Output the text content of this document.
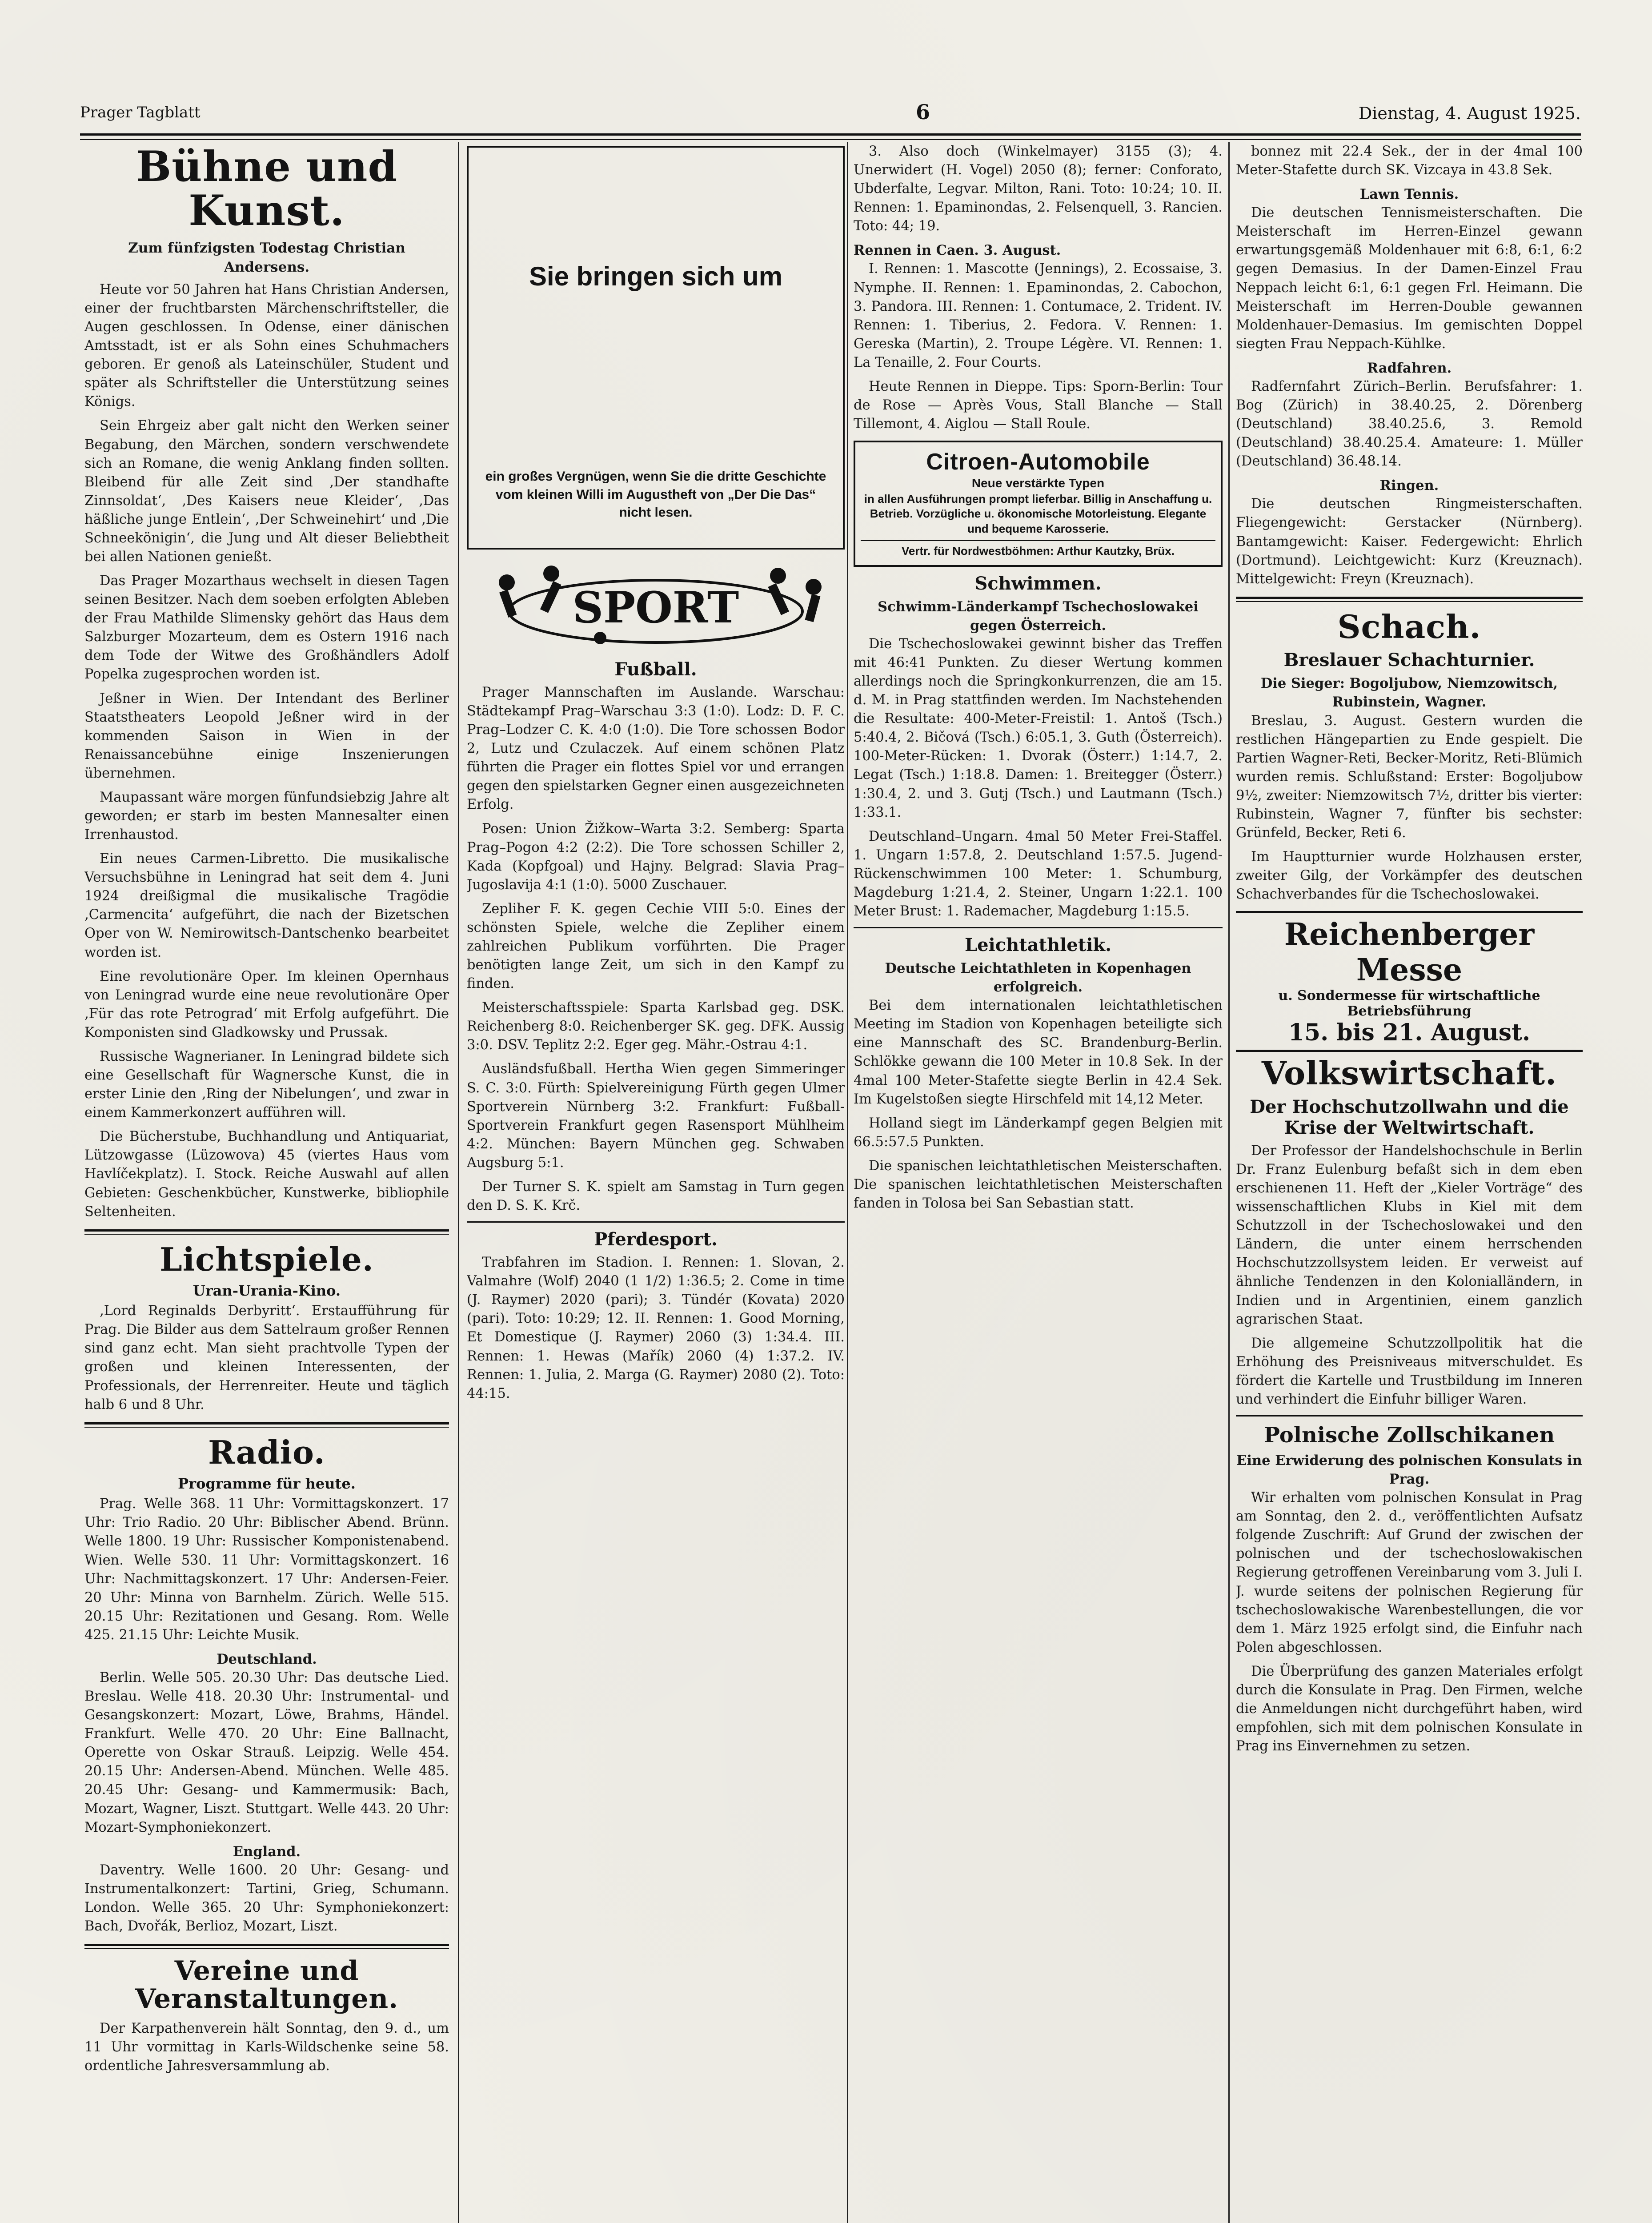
Prager Tagblatt	6	Dienstag, 4. August 1925.
Bühne und Kunst.
Zum fünfzigsten Todestag Christian Andersens.

Heute vor 50 Jahren hat Hans Christian Andersen, einer der fruchtbarsten Märchenschriftsteller, die Augen geschlossen. In Odense, einer dänischen Amtsstadt, ist er als Sohn eines Schuhmachers geboren. Er genoß als Lateinschüler, Student und später als Schriftsteller die Unterstützung seines Königs.

Sein Ehrgeiz aber galt nicht den Werken seiner Begabung, den Märchen, sondern verschwendete sich an Romane, die wenig Anklang finden sollten. Bleibend für alle Zeit sind ‚Der standhafte Zinnsoldat‘, ‚Des Kaisers neue Kleider‘, ‚Das häßliche junge Entlein‘, ‚Der Schweinehirt‘ und ‚Die Schneekönigin‘, die Jung und Alt dieser Beliebtheit bei allen Nationen genießt.

Das Prager Mozarthaus wechselt in diesen Tagen seinen Besitzer. Nach dem soeben erfolgten Ableben der Frau Mathilde Slimensky gehört das Haus dem Salzburger Mozarteum, dem es Ostern 1916 nach dem Tode der Witwe des Großhändlers Adolf Popelka zugesprochen worden ist.

Jeßner in Wien. Der Intendant des Berliner Staatstheaters Leopold Jeßner wird in der kommenden Saison in Wien in der Renaissancebühne einige Inszenierungen übernehmen.

Maupassant wäre morgen fünfundsiebzig Jahre alt geworden; er starb im besten Mannesalter einen Irrenhaustod.

Ein neues Carmen-Libretto. Die musikalische Versuchsbühne in Leningrad hat seit dem 4. Juni 1924 dreißigmal die musikalische Tragödie ‚Carmencita‘ aufgeführt, die nach der Bizetschen Oper von W. Nemirowitsch-Dantschenko bearbeitet worden ist.

Eine revolutionäre Oper. Im kleinen Opernhaus von Leningrad wurde eine neue revolutionäre Oper ‚Für das rote Petrograd‘ mit Erfolg aufgeführt. Die Komponisten sind Gladkowsky und Prussak.

Russische Wagnerianer. In Leningrad bildete sich eine Gesellschaft für Wagnersche Kunst, die in erster Linie den ‚Ring der Nibelungen‘, und zwar in einem Kammerkonzert aufführen will.

Die Bücherstube, Buchhandlung und Antiquariat, Lützowgasse (Lüzowova) 45 (viertes Haus vom Havlíčekplatz). I. Stock. Reiche Auswahl auf allen Gebieten: Geschenkbücher, Kunstwerke, bibliophile Seltenheiten.

Lichtspiele.
Uran-Urania-Kino.

‚Lord Reginalds Derbyritt‘. Erstaufführung für Prag. Die Bilder aus dem Sattelraum großer Rennen sind ganz echt. Man sieht prachtvolle Typen der großen und kleinen Interessenten, der Professionals, der Herrenreiter. Heute und täglich halb 6 und 8 Uhr.

Radio.
Programme für heute.

Prag. Welle 368. 11 Uhr: Vormittagskonzert. 17 Uhr: Trio Radio. 20 Uhr: Biblischer Abend. Brünn. Welle 1800. 19 Uhr: Russischer Komponistenabend. Wien. Welle 530. 11 Uhr: Vormittagskonzert. 16 Uhr: Nachmittagskonzert. 17 Uhr: Andersen-Feier. 20 Uhr: Minna von Barnhelm. Zürich. Welle 515. 20.15 Uhr: Rezitationen und Gesang. Rom. Welle 425. 21.15 Uhr: Leichte Musik.

Deutschland.

Berlin. Welle 505. 20.30 Uhr: Das deutsche Lied. Breslau. Welle 418. 20.30 Uhr: Instrumental- und Gesangskonzert: Mozart, Löwe, Brahms, Händel. Frankfurt. Welle 470. 20 Uhr: Eine Ballnacht, Operette von Oskar Strauß. Leipzig. Welle 454. 20.15 Uhr: Andersen-Abend. München. Welle 485. 20.45 Uhr: Gesang- und Kammermusik: Bach, Mozart, Wagner, Liszt. Stuttgart. Welle 443. 20 Uhr: Mozart-Symphoniekonzert.

England.

Daventry. Welle 1600. 20 Uhr: Gesang- und Instrumentalkonzert: Tartini, Grieg, Schumann. London. Welle 365. 20 Uhr: Symphoniekonzert: Bach, Dvořák, Berlioz, Mozart, Liszt.

Vereine und Veranstaltungen.

Der Karpathenverein hält Sonntag, den 9. d., um 11 Uhr vormittag in Karls-Wildschenke seine 58. ordentliche Jahresversammlung ab.

Sie bringen sich um
ein großes Vergnügen, wenn Sie die dritte Geschichte vom kleinen Willi im Augustheft von „Der Die Das“ nicht lesen.
SPORT
Fußball.

Prager Mannschaften im Auslande. Warschau: Städtekampf Prag–Warschau 3:3 (1:0). Lodz: D. F. C. Prag–Lodzer C. K. 4:0 (1:0). Die Tore schossen Bodor 2, Lutz und Czulaczek. Auf einem schönen Platz führten die Prager ein flottes Spiel vor und errangen gegen den spielstarken Gegner einen ausgezeichneten Erfolg.

Posen: Union Žižkow–Warta 3:2. Semberg: Sparta Prag–Pogon 4:2 (2:2). Die Tore schossen Schiller 2, Kada (Kopfgoal) und Hajny. Belgrad: Slavia Prag–Jugoslavija 4:1 (1:0). 5000 Zuschauer.

Zepliher F. K. gegen Cechie VIII 5:0. Eines der schönsten Spiele, welche die Zepliher einem zahlreichen Publikum vorführten. Die Prager benötigten lange Zeit, um sich in den Kampf zu finden.

Meisterschaftsspiele: Sparta Karlsbad geg. DSK. Reichenberg 8:0. Reichenberger SK. geg. DFK. Aussig 3:0. DSV. Teplitz 2:2. Eger geg. Mähr.-Ostrau 4:1.

Ausländsfußball. Hertha Wien gegen Simmeringer S. C. 3:0. Fürth: Spielvereinigung Fürth gegen Ulmer Sportverein Nürnberg 3:2. Frankfurt: Fußball-Sportverein Frankfurt gegen Rasensport Mühlheim 4:2. München: Bayern München geg. Schwaben Augsburg 5:1.

Der Turner S. K. spielt am Samstag in Turn gegen den D. S. K. Krč.

Pferdesport.

Trabfahren im Stadion. I. Rennen: 1. Slovan, 2. Valmahre (Wolf) 2040 (1 1/2) 1:36.5; 2. Come in time (J. Raymer) 2020 (pari); 3. Tündér (Kovata) 2020 (pari). Toto: 10:29; 12. II. Rennen: 1. Good Morning, Et Domestique (J. Raymer) 2060 (3) 1:34.4. III. Rennen: 1. Hewas (Mařík) 2060 (4) 1:37.2. IV. Rennen: 1. Julia, 2. Marga (G. Raymer) 2080 (2). Toto: 44:15.

3. Also doch (Winkelmayer) 3155 (3); 4. Unerwidert (H. Vogel) 2050 (8); ferner: Conforato, Ubderfalte, Legvar. Milton, Rani. Toto: 10:24; 10. II. Rennen: 1. Epaminondas, 2. Felsenquell, 3. Rancien. Toto: 44; 19.

Rennen in Caen. 3. August.

I. Rennen: 1. Mascotte (Jennings), 2. Ecossaise, 3. Nymphe. II. Rennen: 1. Epaminondas, 2. Cabochon, 3. Pandora. III. Rennen: 1. Contumace, 2. Trident. IV. Rennen: 1. Tiberius, 2. Fedora. V. Rennen: 1. Gereska (Martin), 2. Troupe Légère. VI. Rennen: 1. La Tenaille, 2. Four Courts.

Heute Rennen in Dieppe. Tips: Sporn-Berlin: Tour de Rose — Après Vous, Stall Blanche — Stall Tillemont, 4. Aiglou — Stall Roule.

Citroen-Automobile
Neue verstärkte Typen
in allen Ausführungen prompt lieferbar. Billig in Anschaffung u. Betrieb. Vorzügliche u. ökonomische Motorleistung. Elegante und bequeme Karosserie.
Vertr. für Nordwestböhmen: Arthur Kautzky, Brüx.
Schwimmen.
Schwimm-Länderkampf Tschechoslowakei gegen Österreich.

Die Tschechoslowakei gewinnt bisher das Treffen mit 46:41 Punkten. Zu dieser Wertung kommen allerdings noch die Springkonkurrenzen, die am 15. d. M. in Prag stattfinden werden. Im Nachstehenden die Resultate: 400-Meter-Freistil: 1. Antoš (Tsch.) 5:40.4, 2. Bičová (Tsch.) 6:05.1, 3. Guth (Österreich). 100-Meter-Rücken: 1. Dvorak (Österr.) 1:14.7, 2. Legat (Tsch.) 1:18.8. Damen: 1. Breitegger (Österr.) 1:30.4, 2. und 3. Gutj (Tsch.) und Lautmann (Tsch.) 1:33.1.

Deutschland–Ungarn. 4mal 50 Meter Frei-Staffel. 1. Ungarn 1:57.8, 2. Deutschland 1:57.5. Jugend-Rückenschwimmen 100 Meter: 1. Schumburg, Magdeburg 1:21.4, 2. Steiner, Ungarn 1:22.1. 100 Meter Brust: 1. Rademacher, Magdeburg 1:15.5.

Leichtathletik.
Deutsche Leichtathleten in Kopenhagen erfolgreich.

Bei dem internationalen leichtathletischen Meeting im Stadion von Kopenhagen beteiligte sich eine Mannschaft des SC. Brandenburg-Berlin. Schlökke gewann die 100 Meter in 10.8 Sek. In der 4mal 100 Meter-Stafette siegte Berlin in 42.4 Sek. Im Kugelstoßen siegte Hirschfeld mit 14,12 Meter.

Holland siegt im Länderkampf gegen Belgien mit 66.5:57.5 Punkten.

Die spanischen leichtathletischen Meisterschaften. Die spanischen leichtathletischen Meisterschaften fanden in Tolosa bei San Sebastian statt.

bonnez mit 22.4 Sek., der in der 4mal 100 Meter-Stafette durch SK. Vizcaya in 43.8 Sek.

Lawn Tennis.

Die deutschen Tennismeisterschaften. Die Meisterschaft im Herren-Einzel gewann erwartungsgemäß Moldenhauer mit 6:8, 6:1, 6:2 gegen Demasius. In der Damen-Einzel Frau Neppach leicht 6:1, 6:1 gegen Frl. Heimann. Die Meisterschaft im Herren-Double gewannen Moldenhauer-Demasius. Im gemischten Doppel siegten Frau Neppach-Kühlke.

Radfahren.

Radfernfahrt Zürich–Berlin. Berufsfahrer: 1. Bog (Zürich) in 38.40.25, 2. Dörenberg (Deutschland) 38.40.25.6, 3. Remold (Deutschland) 38.40.25.4. Amateure: 1. Müller (Deutschland) 36.48.14.

Ringen.

Die deutschen Ringmeisterschaften. Fliegengewicht: Gerstacker (Nürnberg). Bantamgewicht: Kaiser. Federgewicht: Ehrlich (Dortmund). Leichtgewicht: Kurz (Kreuznach). Mittelgewicht: Freyn (Kreuznach).

Schach.
Breslauer Schachturnier.
Die Sieger: Bogoljubow, Niemzowitsch, Rubinstein, Wagner.

Breslau, 3. August. Gestern wurden die restlichen Hängepartien zu Ende gespielt. Die Partien Wagner-Reti, Becker-Moritz, Reti-Blümich wurden remis. Schlußstand: Erster: Bogoljubow 9½, zweiter: Niemzowitsch 7½, dritter bis vierter: Rubinstein, Wagner 7, fünfter bis sechster: Grünfeld, Becker, Reti 6.

Im Hauptturnier wurde Holzhausen erster, zweiter Gilg, der Vorkämpfer des deutschen Schachverbandes für die Tschechoslowakei.

Reichenberger Messe
u. Sondermesse für wirtschaftliche Betriebsführung
15. bis 21. August.
Volkswirtschaft.
Der Hochschutzollwahn und die Krise der Weltwirtschaft.

Der Professor der Handelshochschule in Berlin Dr. Franz Eulenburg befaßt sich in dem eben erschienenen 11. Heft der „Kieler Vorträge“ des wissenschaftlichen Klubs in Kiel mit dem Schutzzoll in der Tschechoslowakei und den Ländern, die unter einem herrschenden Hochschutzzollsystem leiden. Er verweist auf ähnliche Tendenzen in den Kolonialländern, in Indien und in Argentinien, einem ganzlich agrarischen Staat.

Die allgemeine Schutzzollpolitik hat die Erhöhung des Preisniveaus mitverschuldet. Es fördert die Kartelle und Trustbildung im Inneren und verhindert die Einfuhr billiger Waren.

Polnische Zollschikanen
Eine Erwiderung des polnischen Konsulats in Prag.

Wir erhalten vom polnischen Konsulat in Prag am Sonntag, den 2. d., veröffentlichten Aufsatz folgende Zuschrift: Auf Grund der zwischen der polnischen und der tschechoslowakischen Regierung getroffenen Vereinbarung vom 3. Juli I. J. wurde seitens der polnischen Regierung für tschechoslowakische Warenbestellungen, die vor dem 1. März 1925 erfolgt sind, die Einfuhr nach Polen abgeschlossen.

Die Überprüfung des ganzen Materiales erfolgt durch die Konsulate in Prag. Den Firmen, welche die Anmeldungen nicht durchgeführt haben, wird empfohlen, sich mit dem polnischen Konsulate in Prag ins Einvernehmen zu setzen.
